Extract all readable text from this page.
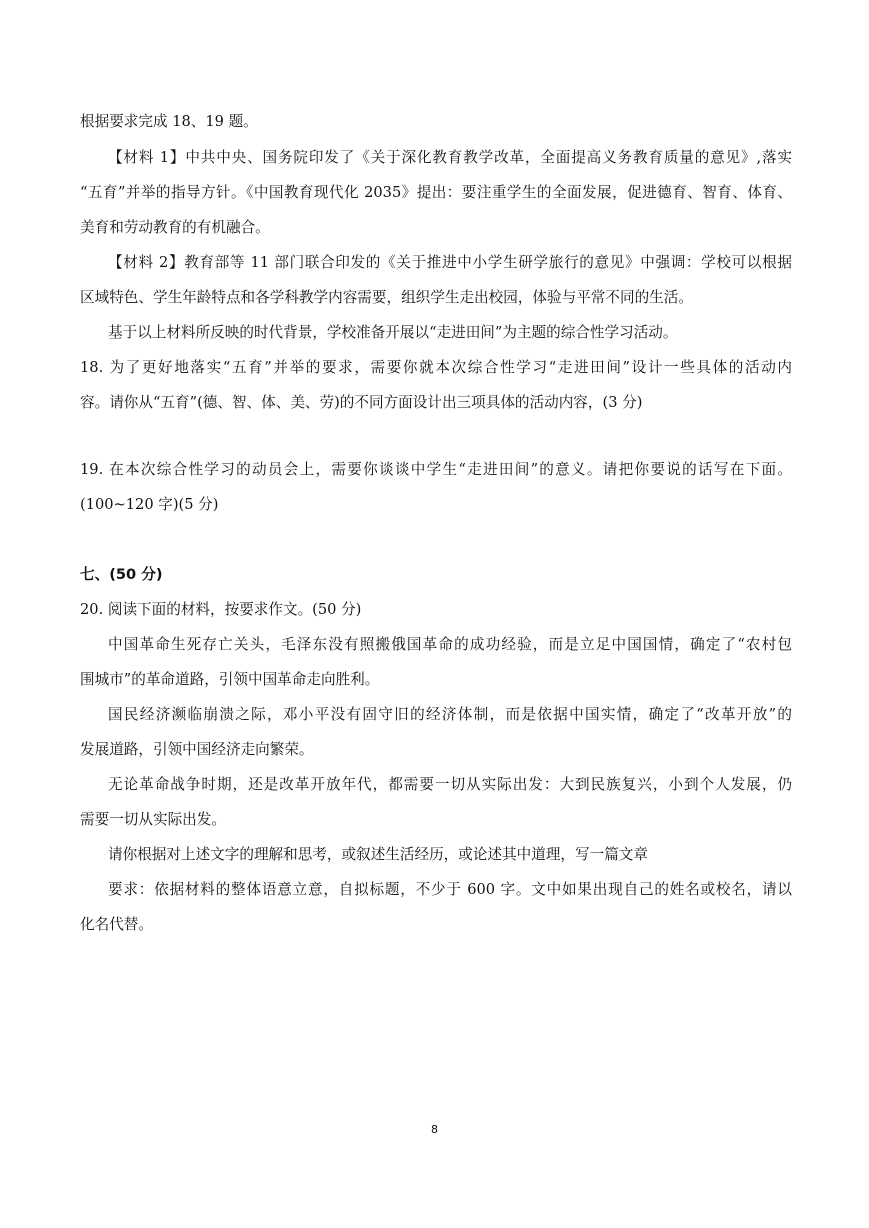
根据要求完成 18、19 题。
【材料 1】中共中央、国务院印发了《关于深化教育教学改革，全面提高义务教育质量的意见》,落实
“五育”并举的指导方针。《中国教育现代化 2035》提出：要注重学生的全面发展，促进德育、智育、体育、
美育和劳动教育的有机融合。
【材料 2】教育部等 11 部门联合印发的《关于推进中小学生研学旅行的意见》中强调：学校可以根据
区域特色、学生年龄特点和各学科教学内容需要，组织学生走出校园，体验与平常不同的生活。
基于以上材料所反映的时代背景，学校准备开展以“走进田间”为主题的综合性学习活动。
18. 为了更好地落实“五育”并举的要求，需要你就本次综合性学习“走进田间”设计一些具体的活动内
容。请你从“五育”(德、智、体、美、劳)的不同方面设计出三项具体的活动内容，(3 分)
19. 在本次综合性学习的动员会上，需要你谈谈中学生“走进田间”的意义。请把你要说的话写在下面。
(100~120 字)(5 分)
七、(50 分)
20. 阅读下面的材料，按要求作文。(50 分)
中国革命生死存亡关头，毛泽东没有照搬俄国革命的成功经验，而是立足中国国情，确定了“农村包
围城市”的革命道路，引领中国革命走向胜利。
国民经济濒临崩溃之际，邓小平没有固守旧的经济体制，而是依据中国实情，确定了“改革开放”的
发展道路，引领中国经济走向繁荣。
无论革命战争时期，还是改革开放年代，都需要一切从实际出发：大到民族复兴，小到个人发展，仍
需要一切从实际出发。
请你根据对上述文字的理解和思考，或叙述生活经历，或论述其中道理，写一篇文章
要求：依据材料的整体语意立意，自拟标题，不少于 600 字。文中如果出现自己的姓名或校名，请以
化名代替。
8
